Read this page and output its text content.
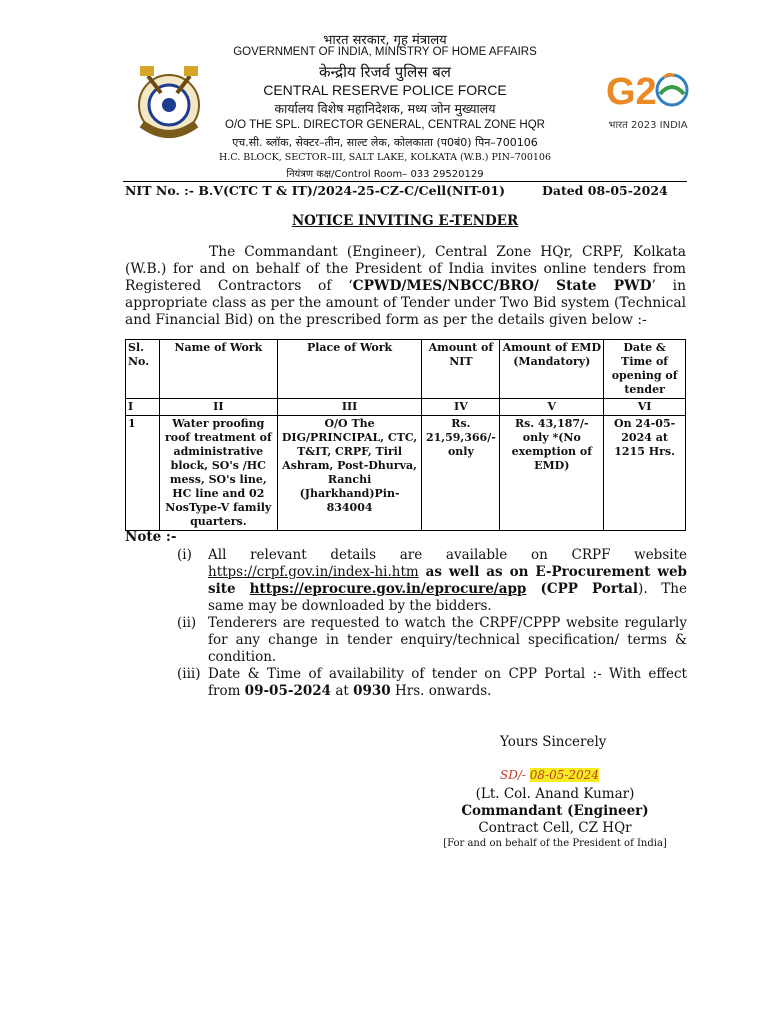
G2
भारत 2023 INDIA
भारत सरकार, गृह मंत्रालय
GOVERNMENT OF INDIA, MINISTRY OF HOME AFFAIRS
केन्द्रीय रिजर्व पुलिस बल
CENTRAL RESERVE POLICE FORCE
कार्यालय विशेष महानिदेशक, मध्य जोन मुख्यालय
O/O THE SPL. DIRECTOR GENERAL, CENTRAL ZONE HQR
एच.सी. ब्लॉक, सेक्टर–तीन, साल्ट लेक, कोलकाता (प0बं0) पिन–700106
H.C. BLOCK, SECTOR–III, SALT LAKE, KOLKATA (W.B.) PIN–700106
नियंत्रण कक्ष/Control Room– 033 29520129
NIT No. :- B.V(CTC T & IT)/2024-25-CZ-C/Cell(NIT-01)	Dated 08-05-2024
NOTICE INVITING E-TENDER
The Commandant (Engineer), Central Zone HQr, CRPF, Kolkata (W.B.) for and on behalf of the President of India invites online tenders from Registered Contractors of ‘CPWD/MES/NBCC/BRO/ State PWD’ in appropriate class as per the amount of Tender under Two Bid system (Technical and Financial Bid) on the prescribed form as per the details given below :-
Sl. No.	Name of Work	Place of Work	Amount of NIT	Amount of EMD (Mandatory)	Date & Time of opening of tender
I	II	III	IV	V	VI
1	Water proofing roof treatment of administrative block, SO's /HC mess, SO's line, HC line and 02 NosType-V family quarters.	O/O The DIG/PRINCIPAL, CTC, T&IT, CRPF, Tiril Ashram, Post-Dhurva, Ranchi (Jharkhand)Pin-834004	Rs. 21,59,366/- only	Rs. 43,187/- only *(No exemption of EMD)	On 24-05-2024 at 1215 Hrs.
Note :-
(i)	All relevant details are available on CRPF website https://crpf.gov.in/index-hi.htm as well as on E-Procurement web site https://eprocure.gov.in/eprocure/app (CPP Portal). The same may be downloaded by the bidders.
(ii) Tenderers are requested to watch the CRPF/CPPP website regularly for any change in tender enquiry/technical specification/ terms & condition.
(iii) Date & Time of availability of tender on CPP Portal :- With effect from 09-05-2024 at 0930 Hrs. onwards.
Yours Sincerely
SD/- 08-05-2024
(Lt. Col. Anand Kumar)
Commandant (Engineer)
Contract Cell, CZ HQr
[For and on behalf of the President of India]
